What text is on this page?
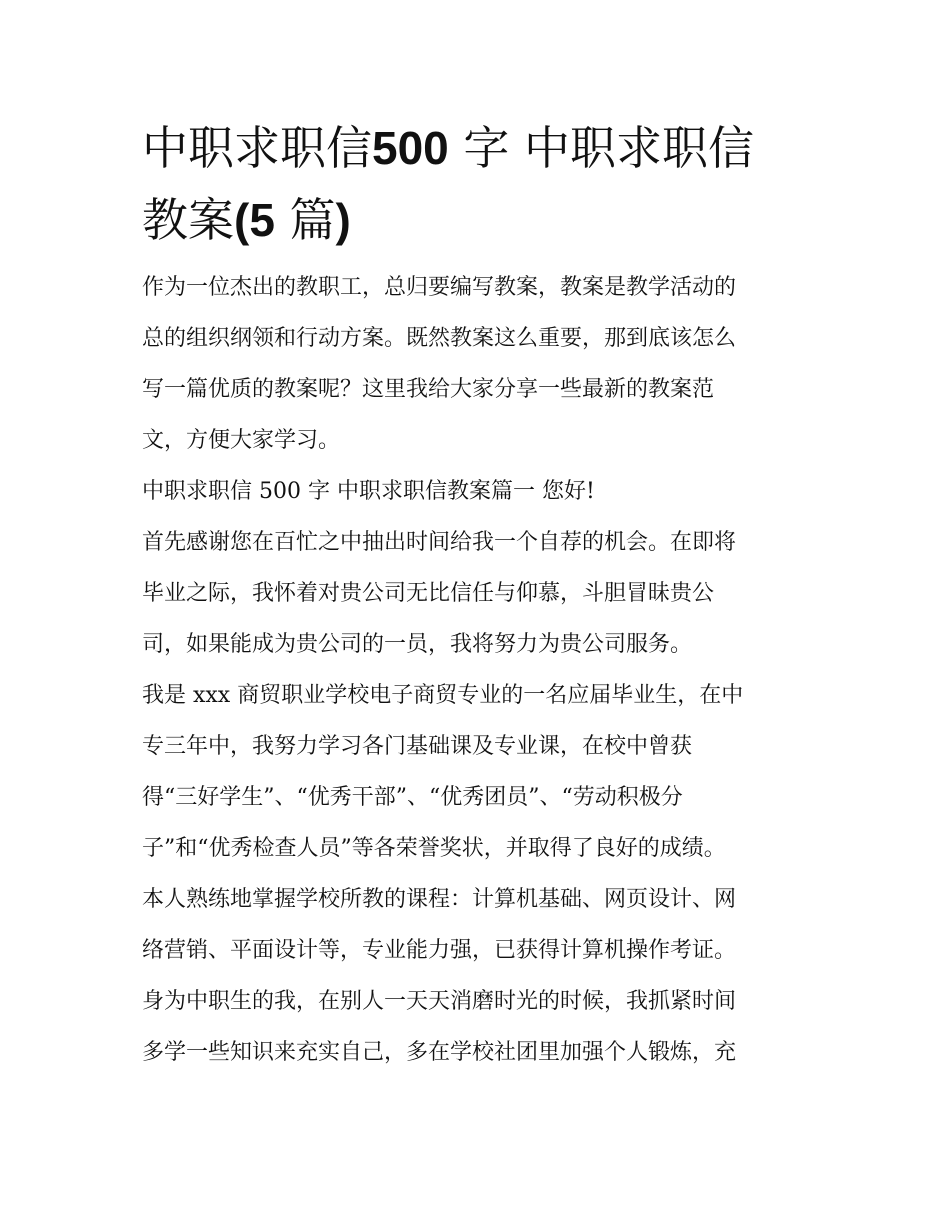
中职求职信500 字 中职求职信
教案(5 篇)
作为一位杰出的教职工，总归要编写教案，教案是教学活动的
总的组织纲领和行动方案。既然教案这么重要，那到底该怎么
写一篇优质的教案呢？这里我给大家分享一些最新的教案范
文，方便大家学习。
中职求职信 500 字 中职求职信教案篇一 您好!
首先感谢您在百忙之中抽出时间给我一个自荐的机会。在即将
毕业之际，我怀着对贵公司无比信任与仰慕，斗胆冒昧贵公
司，如果能成为贵公司的一员，我将努力为贵公司服务。
我是 xxx 商贸职业学校电子商贸专业的一名应届毕业生，在中
专三年中，我努力学习各门基础课及专业课，在校中曾获
得“三好学生”、“优秀干部”、“优秀团员”、“劳动积极分
子”和“优秀检查人员”等各荣誉奖状，并取得了良好的成绩。
本人熟练地掌握学校所教的课程：计算机基础、网页设计、网
络营销、平面设计等，专业能力强，已获得计算机操作考证。
身为中职生的我，在别人一天天消磨时光的时候，我抓紧时间
多学一些知识来充实自己，多在学校社团里加强个人锻炼，充
